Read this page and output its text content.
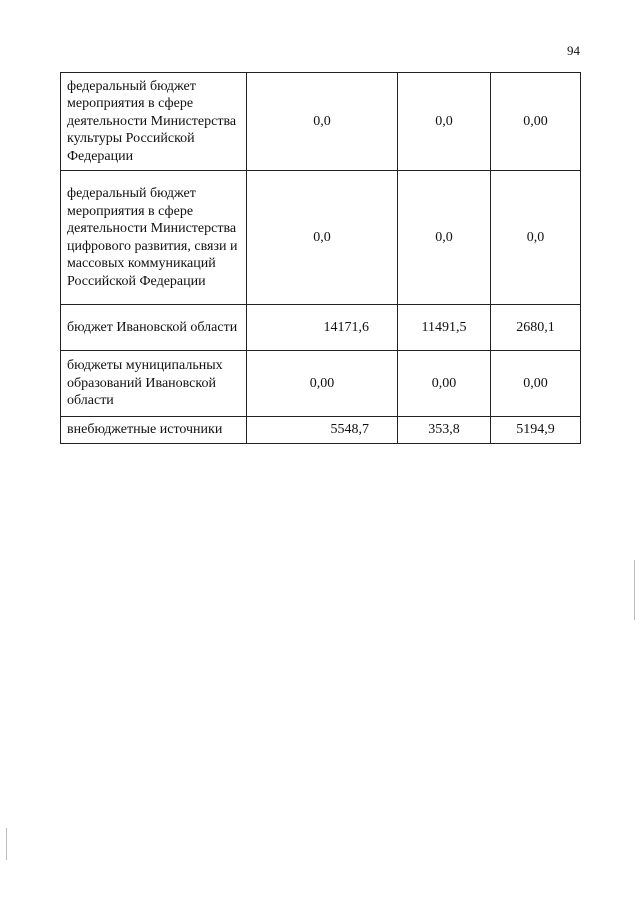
94
федеральный бюджет мероприятия в сфере деятельности Министерства культуры Российской Федерации	0,0	0,0	0,00
федеральный бюджет мероприятия в сфере деятельности Министерства цифрового развития, связи и массовых коммуникаций Российской Федерации	0,0	0,0	0,0
бюджет Ивановской области	14171,6	11491,5	2680,1
бюджеты муниципальных образований Ивановской области	0,00	0,00	0,00
внебюджетные источники	5548,7	353,8	5194,9
